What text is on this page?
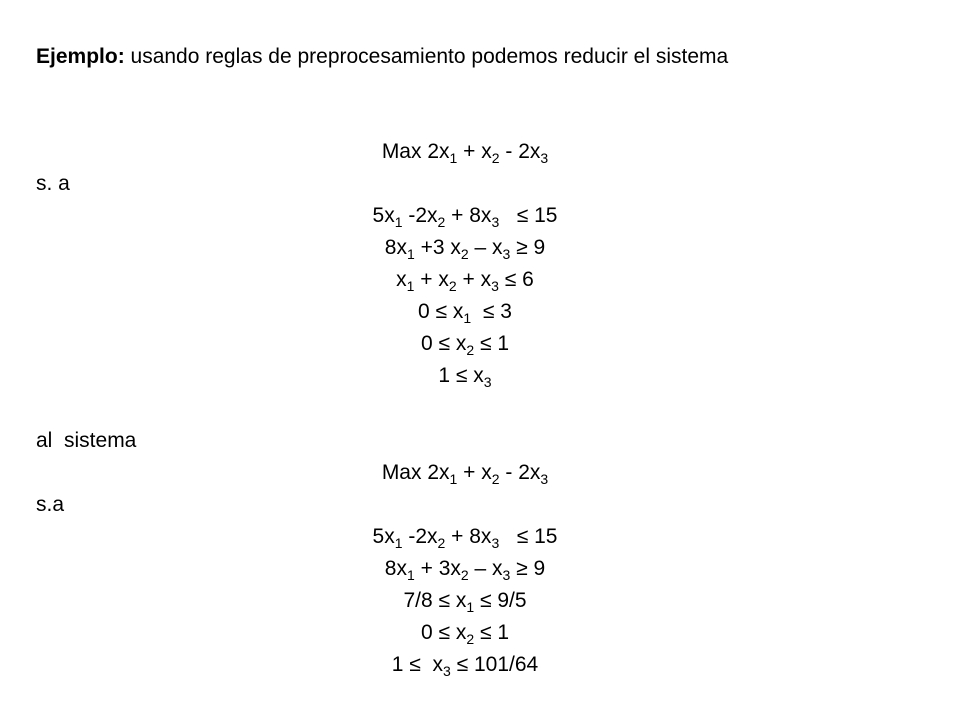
Ejemplo: usando reglas de preprocesamiento podemos reducir el sistema
Max $2x_1 + x_2 - 2x_3$
s. a
$5x_1$ $-2x_2 + 8x_3 \le 15$
$8x_1 +3$ $x_2 - x_3 \ge 9$
$x_1 + x_2 + x_3 \le 6$
$0 \le x_1 \le 3$
$0 \le x_2 \le 1$
$1 \le x_3$
al  sistema
Max $2x_1 + x_2 - 2x_3$
s.a
$5x_1$ $-2x_2 + 8x_3 \le 15$
$8x_1 + 3x_2 - x_3 \ge 9$
$7/8 \le x_1 \le 9/5$
$0 \le x_2 \le 1$
$1 \le x_3 \le 101/64$
